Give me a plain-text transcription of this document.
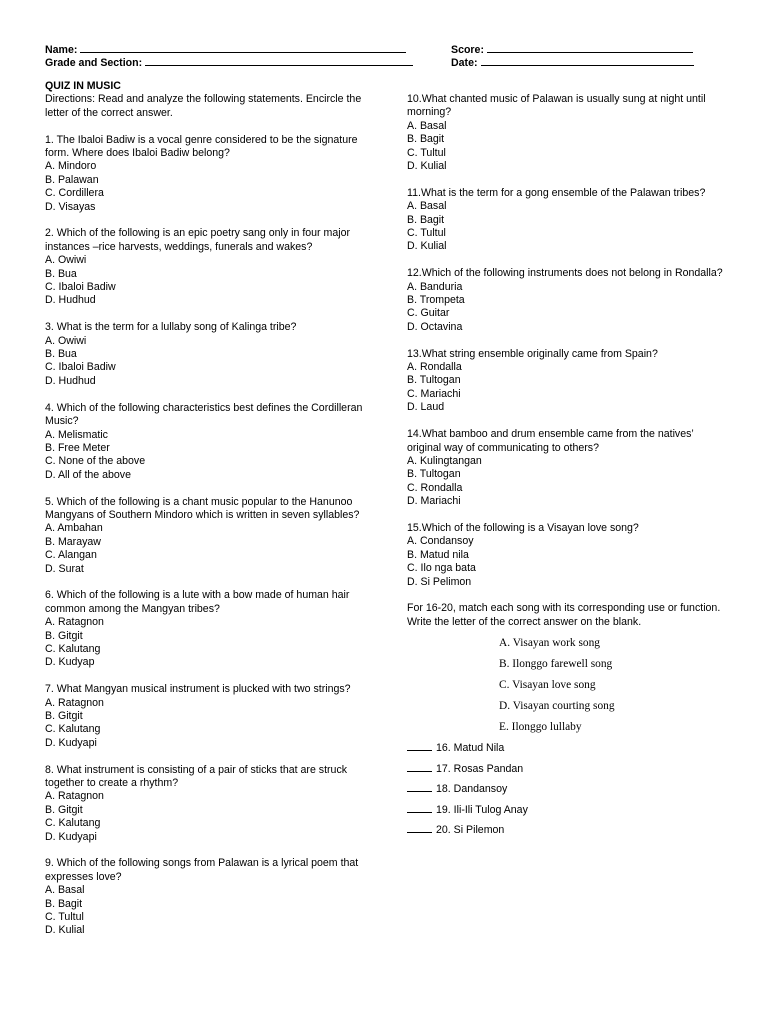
Name:
Grade and Section:
Score:
Date:
QUIZ IN MUSIC
Directions: Read and analyze the following statements. Encircle the letter of the correct answer.
1. The Ibaloi Badiw is a vocal genre considered to be the signature form. Where does Ibaloi Badiw belong?
A. Mindoro
B. Palawan
C. Cordillera
D. Visayas
2. Which of the following is an epic poetry sang only in four major instances –rice harvests, weddings, funerals and wakes?
A. Owiwi
B. Bua
C. Ibaloi Badiw
D. Hudhud
3. What is the term for a lullaby song of Kalinga tribe?
A. Owiwi
B. Bua
C. Ibaloi Badiw
D. Hudhud
4. Which of the following characteristics best defines the Cordilleran Music?
A. Melismatic
B. Free Meter
C. None of the above
D. All of the above
5. Which of the following is a chant music popular to the Hanunoo Mangyans of Southern Mindoro which is written in seven syllables?
A. Ambahan
B. Marayaw
C. Alangan
D. Surat
6. Which of the following is a lute with a bow made of human hair common among the Mangyan tribes?
A. Ratagnon
B. Gitgit
C. Kalutang
D. Kudyap
7. What Mangyan musical instrument is plucked with two strings?
A. Ratagnon
B. Gitgit
C. Kalutang
D. Kudyapi
8. What instrument is consisting of a pair of sticks that are struck together to create a rhythm?
A. Ratagnon
B. Gitgit
C. Kalutang
D. Kudyapi
9. Which of the following songs from Palawan is a lyrical poem that expresses love?
A. Basal
B. Bagit
C. Tultul
D. Kulial
10.What chanted music of Palawan is usually sung at night until morning?
A. Basal
B. Bagit
C. Tultul
D. Kulial
11.What is the term for a gong ensemble of the Palawan tribes?
A. Basal
B. Bagit
C. Tultul
D. Kulial
12.Which of the following instruments does not belong in Rondalla?
A. Banduria
B. Trompeta
C. Guitar
D. Octavina
13.What string ensemble originally came from Spain?
A. Rondalla
B. Tultogan
C. Mariachi
D. Laud
14.What bamboo and drum ensemble came from the natives’ original way of communicating to others?
A. Kulingtangan
B. Tultogan
C. Rondalla
D. Mariachi
15.Which of the following is a Visayan love song?
A. Condansoy
B. Matud nila
C. Ilo nga bata
D. Si Pelimon
For 16-20, match each song with its corresponding use or function. Write the letter of the correct answer on the blank.
A. Visayan work song
B. Ilonggo farewell song
C. Visayan love song
D. Visayan courting song
E. Ilonggo lullaby
16. Matud Nila
17. Rosas Pandan
18. Dandansoy
19. Ili-Ili Tulog Anay
20. Si Pilemon
